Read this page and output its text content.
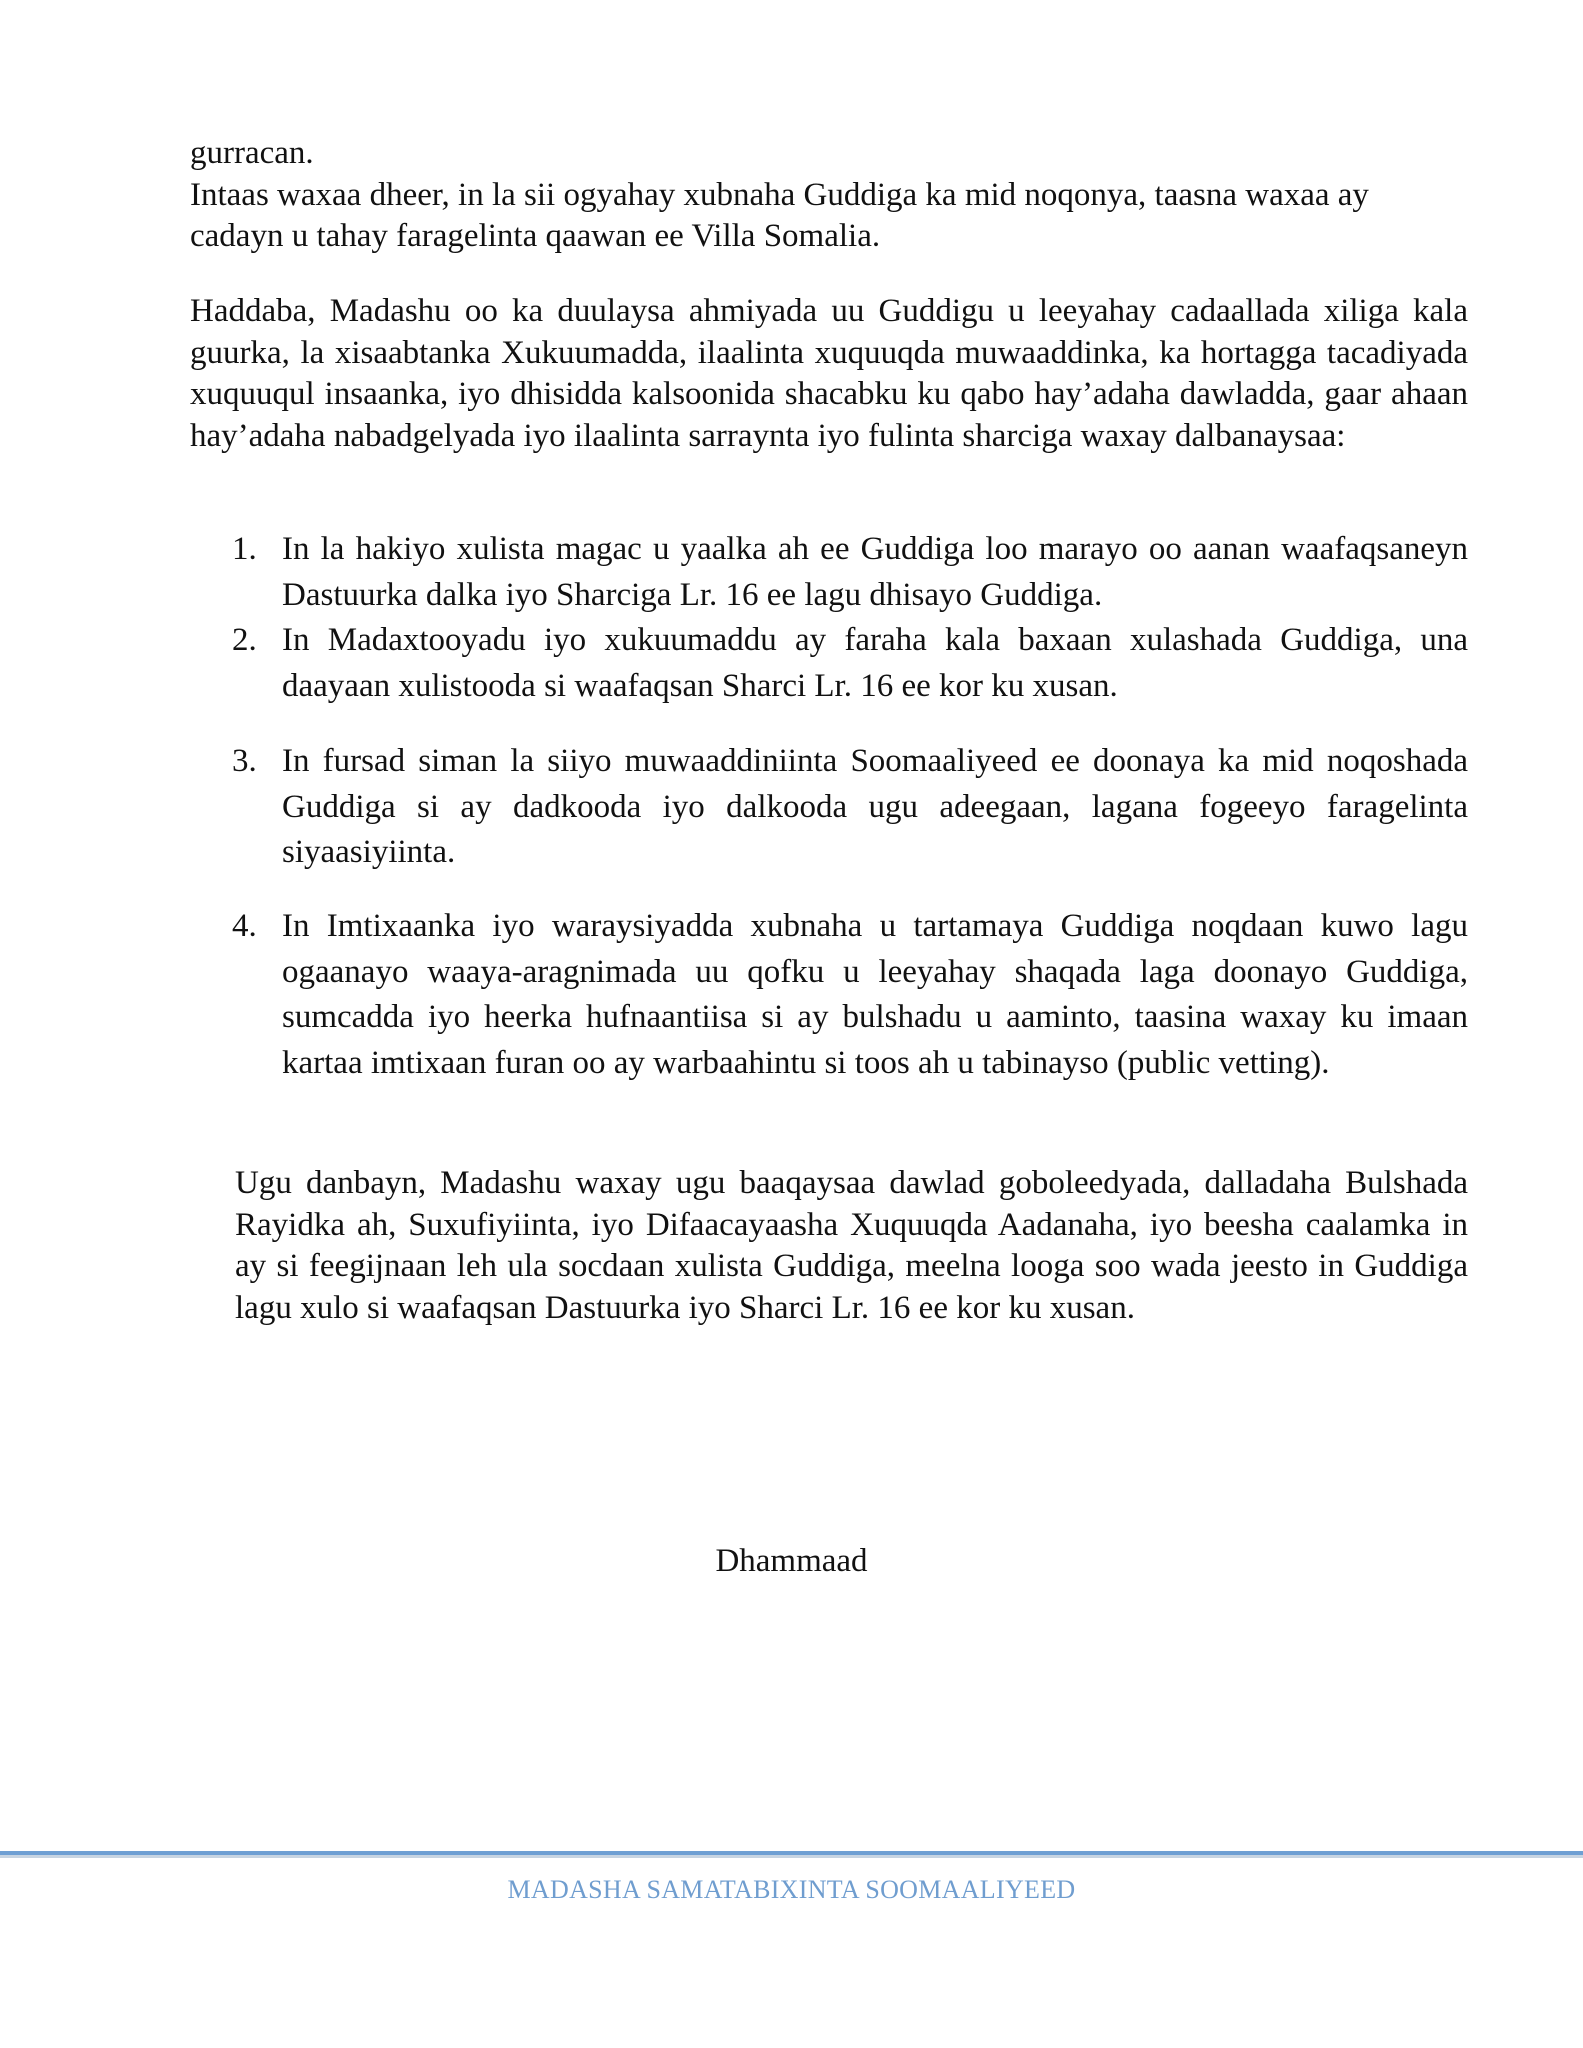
gurracan.
Intaas waxaa dheer, in la sii ogyahay xubnaha Guddiga ka mid noqonya, taasna waxaa ay
cadayn u tahay faragelinta qaawan ee Villa Somalia.
Haddaba, Madashu oo ka duulaysa ahmiyada uu Guddigu u leeyahay cadaallada xiliga kala guurka, la xisaabtanka Xukuumadda, ilaalinta xuquuqda muwaaddinka, ka hortagga tacadiyada xuquuqul insaanka, iyo dhisidda kalsoonida shacabku ku qabo hay’adaha dawladda, gaar ahaan hay’adaha nabadgelyada iyo ilaalinta sarraynta iyo fulinta sharciga waxay dalbanaysaa:
1. In la hakiyo xulista magac u yaalka ah ee Guddiga loo marayo oo aanan waafaqsaneyn Dastuurka dalka iyo Sharciga Lr. 16 ee lagu dhisayo Guddiga.
2. In Madaxtooyadu iyo xukuumaddu ay faraha kala baxaan xulashada Guddiga, una daayaan xulistooda si waafaqsan Sharci Lr. 16 ee kor ku xusan.
3. In fursad siman la siiyo muwaaddiniinta Soomaaliyeed ee doonaya ka mid noqoshada Guddiga si ay dadkooda iyo dalkooda ugu adeegaan, lagana fogeeyo faragelinta siyaasiyiinta.
4. In Imtixaanka iyo waraysiyadda xubnaha u tartamaya Guddiga noqdaan kuwo lagu ogaanayo waaya-aragnimada uu qofku u leeyahay shaqada laga doonayo Guddiga, sumcadda iyo heerka hufnaantiisa si ay bulshadu u aaminto, taasina waxay ku imaan kartaa imtixaan furan oo ay warbaahintu si toos ah u tabinayso (public vetting).
Ugu danbayn, Madashu waxay ugu baaqaysaa dawlad goboleedyada, dalladaha Bulshada Rayidka ah, Suxufiyiinta, iyo Difaacayaasha Xuquuqda Aadanaha, iyo beesha caalamka in ay si feegijnaan leh ula socdaan xulista Guddiga, meelna looga soo wada jeesto in Guddiga lagu xulo si waafaqsan Dastuurka iyo Sharci Lr. 16 ee kor ku xusan.
Dhammaad
MADASHA SAMATABIXINTA SOOMAALIYEED
